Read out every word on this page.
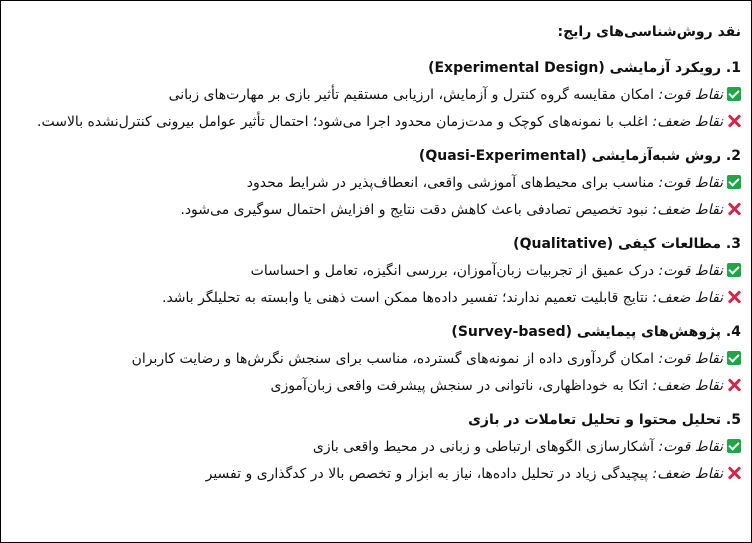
نقد روش‌شناسی‌های رایج:
1. رویکرد آزمایشی (Experimental Design)
نقاط قوت: امکان مقایسه گروه کنترل و آزمایش، ارزیابی مستقیم تأثیر بازی بر مهارت‌های زبانی
نقاط ضعف: اغلب با نمونه‌های کوچک و مدت‌زمان محدود اجرا می‌شود؛ احتمال تأثیر عوامل بیرونی کنترل‌نشده بالاست.
2. روش شبه‌آزمایشی (Quasi-Experimental)
نقاط قوت: مناسب برای محیط‌های آموزشی واقعی، انعطاف‌پذیر در شرایط محدود
نقاط ضعف: نبود تخصیص تصادفی باعث کاهش دقت نتایج و افزایش احتمال سوگیری می‌شود.
3. مطالعات کیفی (Qualitative)
نقاط قوت: درک عمیق از تجربیات زبان‌آموزان، بررسی انگیزه، تعامل و احساسات
نقاط ضعف: نتایج قابلیت تعمیم ندارند؛ تفسیر داده‌ها ممکن است ذهنی یا وابسته به تحلیلگر باشد.
4. پژوهش‌های پیمایشی (Survey-based)
نقاط قوت: امکان گردآوری داده از نمونه‌های گسترده، مناسب برای سنجش نگرش‌ها و رضایت کاربران
نقاط ضعف: اتکا به خوداظهاری، ناتوانی در سنجش پیشرفت واقعی زبان‌آموزی
5. تحلیل محتوا و تحلیل تعاملات در بازی
نقاط قوت: آشکارسازی الگوهای ارتباطی و زبانی در محیط واقعی بازی
نقاط ضعف: پیچیدگی زیاد در تحلیل داده‌ها، نیاز به ابزار و تخصص بالا در کدگذاری و تفسیر
